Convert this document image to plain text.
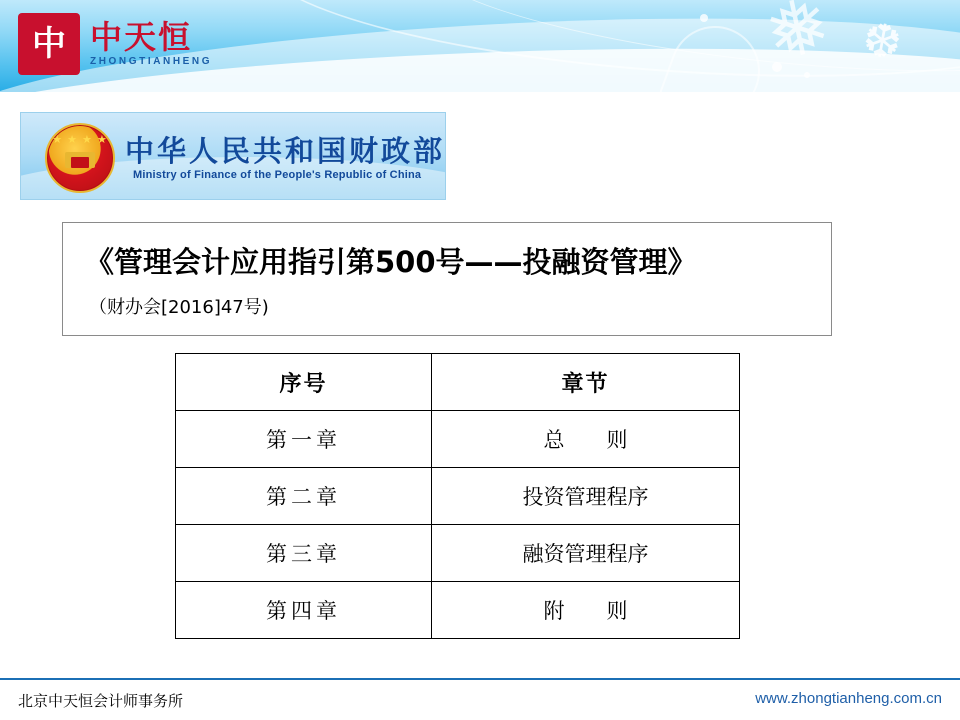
中 中天恒
ZHONGTIANHENG
★ ★ ★ ★ 中华人民共和国财政部
Ministry of Finance of the People's Republic of China
《管理会计应用指引第500号——投融资管理》
（财办会[2016]47号)
序号	章节
第一章	总　　则
第二章	投资管理程序
第三章	融资管理程序
第四章	附　　则
北京中天恒会计师事务所	www.zhongtianheng.com.cn
